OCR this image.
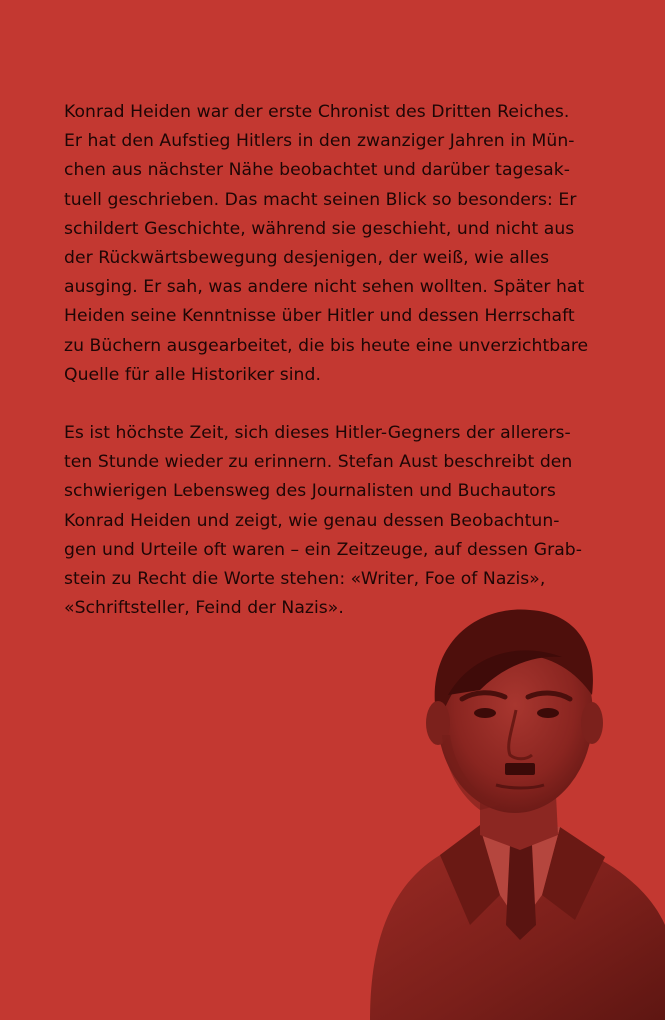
Konrad Heiden war der erste Chronist des Dritten Reiches.
Er hat den Aufstieg Hitlers in den zwanziger Jahren in Mün-
chen aus nächster Nähe beobachtet und darüber tagesak-
tuell geschrieben. Das macht seinen Blick so besonders: Er
schildert Geschichte, während sie geschieht, und nicht aus
der Rückwärtsbewegung desjenigen, der weiß, wie alles
ausging. Er sah, was andere nicht sehen wollten. Später hat
Heiden seine Kenntnisse über Hitler und dessen Herrschaft
zu Büchern ausgearbeitet, die bis heute eine unverzichtbare
Quelle für alle Historiker sind.

Es ist höchste Zeit, sich dieses Hitler-Gegners der allerers-
ten Stunde wieder zu erinnern. Stefan Aust beschreibt den
schwierigen Lebensweg des Journalisten und Buchautors
Konrad Heiden und zeigt, wie genau dessen Beobachtun-
gen und Urteile oft waren – ein Zeitzeuge, auf dessen Grab-
stein zu Recht die Worte stehen: «Writer, Foe of Nazis»,
«Schriftsteller, Feind der Nazis».
